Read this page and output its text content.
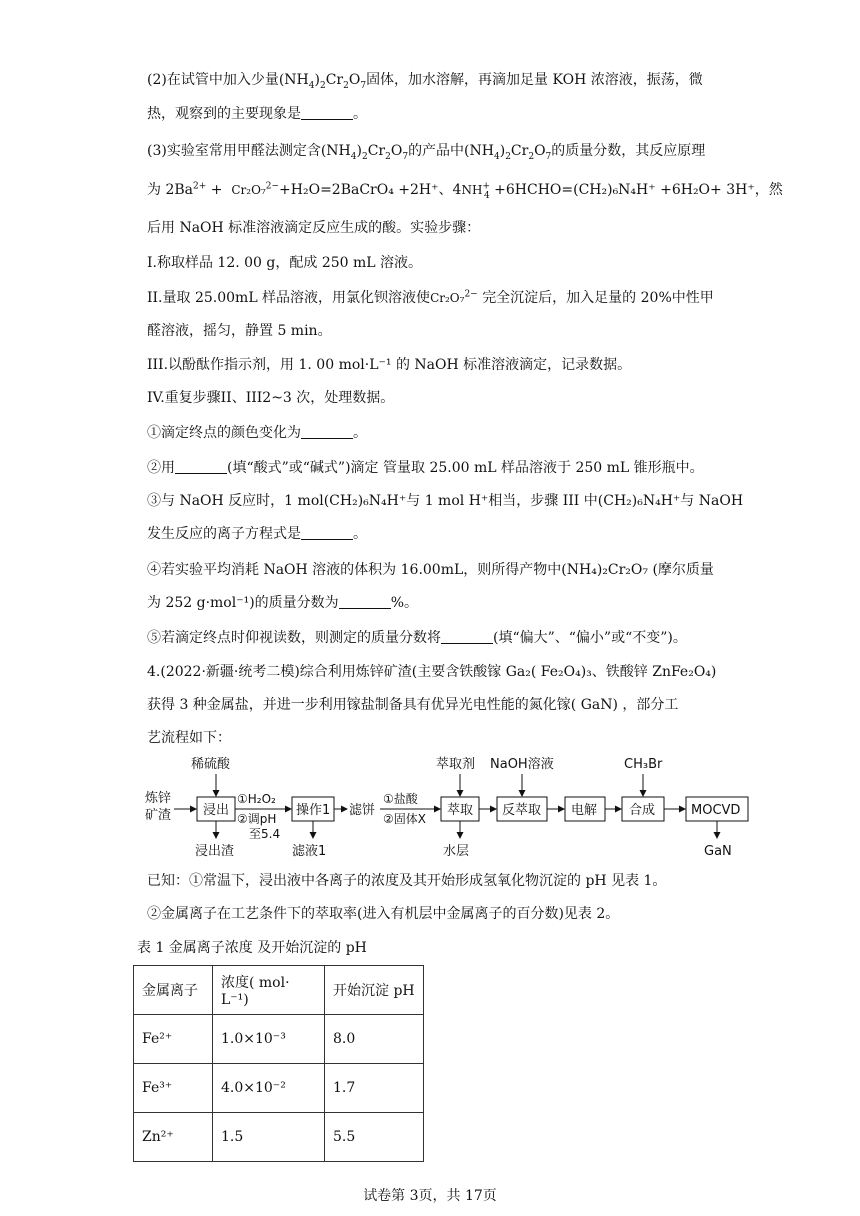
(2)在试管中加入少量$(NH_4)_2Cr_2O_7$固体，加水溶解，再滴加足量 KOH 浓溶液，振荡，微
热，观察到的主要现象是	。
(3)实验室常用甲醛法测定含$(NH_4)_2Cr_2O_7$的产品中$(NH_4)_2Cr_2O_7$的质量分数，其反应原理
为 $2Ba^{2+}$ +  Cr₂O₇$^{2-}$+H₂O=2BaCrO₄ +2H⁺、$4NH^+_4$ +6HCHO=(CH₂)₆N₄H⁺ +6H₂O+ 3H⁺，然
后用 NaOH 标准溶液滴定反应生成的酸。实验步骤：
I.称取样品 12. 00 g，配成 250 mL 溶液。
II.量取 25.00mL 样品溶液，用氯化钡溶液使Cr₂O₇$^{2-}$ 完全沉淀后，加入足量的 20%中性甲
醛溶液，摇匀，静置 5 min。
III.以酚酞作指示剂，用 1. 00 mol·L⁻¹ 的 NaOH 标准溶液滴定，记录数据。
IV.重复步骤II、III2~3 次，处理数据。
①滴定终点的颜色变化为	。
②用	(填“酸式”或“碱式”)滴定 管量取 25.00 mL 样品溶液于 250 mL 锥形瓶中。
③与 NaOH 反应时，1 mol(CH₂)₆N₄H⁺与 1 mol H⁺相当，步骤 III 中(CH₂)₆N₄H⁺与 NaOH
发生反应的离子方程式是	。
④若实验平均消耗 NaOH 溶液的体积为 16.00mL，则所得产物中(NH₄)₂Cr₂O₇ (摩尔质量
为 252 g·mol⁻¹)的质量分数为	%。
⑤若滴定终点时仰视读数，则测定的质量分数将	(填“偏大”、“偏小”或“不变”)。
4.(2022·新疆·统考二模)综合利用炼锌矿渣(主要含铁酸镓 Ga₂( Fe₂O₄)₃、铁酸锌 ZnFe₂O₄)
获得 3 种金属盐，并进一步利用镓盐制备具有优异光电性能的氮化镓( GaN) ，部分工
艺流程如下：
炼锌
矿渣 浸出
稀硫酸
浸出渣
①H₂O₂
②调pH
至5.4
操作1
滤液1
滤饼
①盐酸
②固体X
萃取
萃取剂
水层
反萃取
NaOH溶液
电解 合成
CH₃Br
MOCVD
GaN
已知：①常温下，浸出液中各离子的浓度及其开始形成氢氧化物沉淀的 pH 见表 1。
②金属离子在工艺条件下的萃取率(进入有机层中金属离子的百分数)见表 2。
表 1 金属离子浓度 及开始沉淀的 pH
金属离子	浓度( mol· L⁻¹)	开始沉淀 pH
Fe²⁺	1.0×10⁻³	8.0
Fe³⁺	4.0×10⁻²	1.7
Zn²⁺	1.5	5.5
试卷第 3页，共 17页
